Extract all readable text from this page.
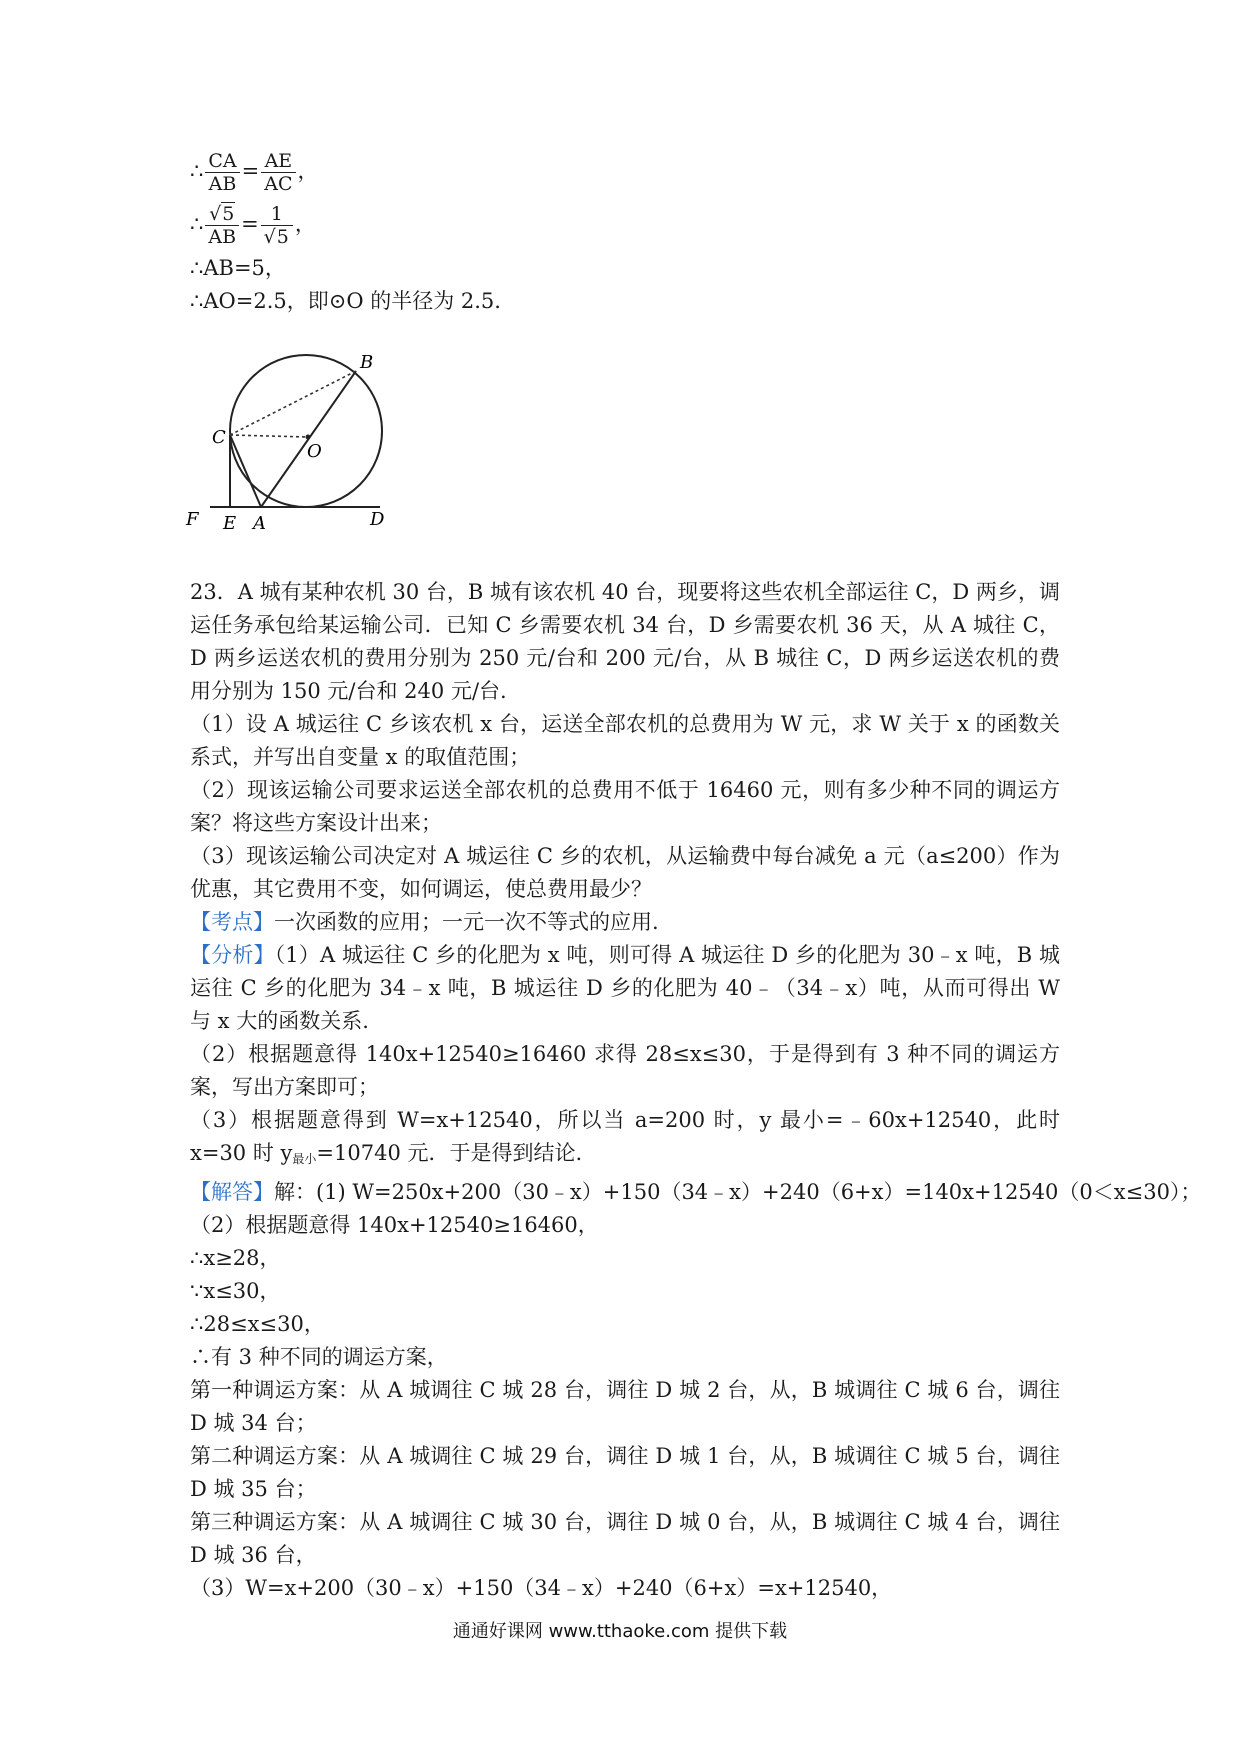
∴ $\frac{CA}{AB} = \frac{AE}{AC}$ ，
∴ $\frac{√5}{AB} = \frac{1}{√5}$ ，
∴AB=5，
∴AO=2.5，即⊙O 的半径为 2.5.
B
C
O
F E A	D
23．A 城有某种农机 30 台，B 城有该农机 40 台，现要将这些农机全部运往 C，D 两乡，调运任务承包给某运输公司．已知 C 乡需要农机 34 台，D 乡需要农机 36 天，从 A 城往 C，D 两乡运送农机的费用分别为 250 元/台和 200 元/台，从 B 城往 C，D 两乡运送农机的费用分别为 150 元/台和 240 元/台.
（1）设 A 城运往 C 乡该农机 x 台，运送全部农机的总费用为 W 元，求 W 关于 x 的函数关系式，并写出自变量 x 的取值范围；
（2）现该运输公司要求运送全部农机的总费用不低于 16460 元，则有多少种不同的调运方案？将这些方案设计出来；
（3）现该运输公司决定对 A 城运往 C 乡的农机，从运输费中每台减免 a 元（a≤200）作为优惠，其它费用不变，如何调运，使总费用最少？
【考点】一次函数的应用；一元一次不等式的应用.
【分析】（1）A 城运往 C 乡的化肥为 x 吨，则可得 A 城运往 D 乡的化肥为 30﹣x 吨，B 城运往 C 乡的化肥为 34﹣x 吨，B 城运往 D 乡的化肥为 40﹣（34﹣x）吨，从而可得出 W 与 x 大的函数关系.
（2）根据题意得 140x+12540≥16460 求得 28≤x≤30，于是得到有 3 种不同的调运方案，写出方案即可；
（3）根据题意得到 W=x+12540，所以当 a=200 时，y 最小=﹣60x+12540，此时 x=30 时 $y_{最小}=10740$ 元．于是得到结论.
【解答】解：(1) W=250x+200（30﹣x）+150（34﹣x）+240（6+x）=140x+12540（0＜x≤30）；
（2）根据题意得 140x+12540≥16460，
∴x≥28，
∵x≤30，
∴28≤x≤30，
∴有 3 种不同的调运方案，
第一种调运方案：从 A 城调往 C 城 28 台，调往 D 城 2 台，从，B 城调往 C 城 6 台，调往 D 城 34 台；
第二种调运方案：从 A 城调往 C 城 29 台，调往 D 城 1 台，从，B 城调往 C 城 5 台，调往 D 城 35 台；
第三种调运方案：从 A 城调往 C 城 30 台，调往 D 城 0 台，从，B 城调往 C 城 4 台，调往 D 城 36 台，
（3）W=x+200（30﹣x）+150（34﹣x）+240（6+x）=x+12540，
通通好课网 www.tthaoke.com 提供下载
